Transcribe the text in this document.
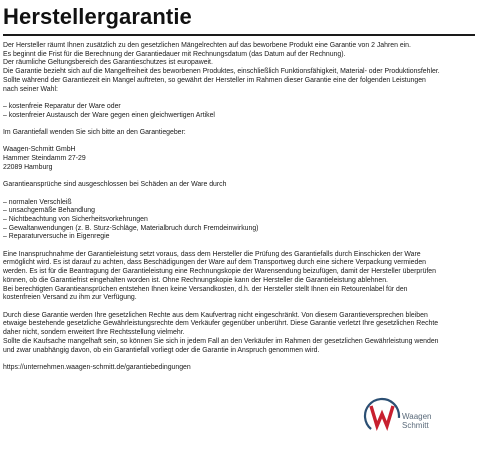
Herstellergarantie

Der Hersteller räumt Ihnen zusätzlich zu den gesetzlichen Mängelrechten auf das beworbene Produkt eine Garantie von 2 Jahren ein.

Es beginnt die Frist für die Berechnung der Garantiedauer mit Rechnungsdatum (das Datum auf der Rechnung).

Der räumliche Geltungsbereich des Garantieschutzes ist europaweit.

Die Garantie bezieht sich auf die Mangelfreiheit des beworbenen Produktes, einschließlich Funktionsfähigkeit, Material- oder Produktionsfehler.

Sollte während der Garantiezeit ein Mangel auftreten, so gewährt der Hersteller im Rahmen dieser Garantie eine der folgenden Leistungen

nach seiner Wahl:

– kostenfreie Reparatur der Ware oder

– kostenfreier Austausch der Ware gegen einen gleichwertigen Artikel

Im Garantiefall wenden Sie sich bitte an den Garantiegeber:

Waagen-Schmitt GmbH

Hammer Steindamm 27-29

22089 Hamburg

Garantieansprüche sind ausgeschlossen bei Schäden an der Ware durch

– normalen Verschleiß

– unsachgemäße Behandlung

– Nichtbeachtung von Sicherheitsvorkehrungen

– Gewaltanwendungen (z. B. Sturz-Schläge, Materialbruch durch Fremdeinwirkung)

– Reparaturversuche in Eigenregie

Eine Inanspruchnahme der Garantieleistung setzt voraus, dass dem Hersteller die Prüfung des Garantiefalls durch Einschicken der Ware

ermöglicht wird. Es ist darauf zu achten, dass Beschädigungen der Ware auf dem Transportweg durch eine sichere Verpackung vermieden

werden. Es ist für die Beantragung der Garantieleistung eine Rechnungskopie der Warensendung beizufügen, damit der Hersteller überprüfen

können, ob die Garantiefrist eingehalten worden ist. Ohne Rechnungskopie kann der Hersteller die Garantieleistung ablehnen.

Bei berechtigten Garantieansprüchen entstehen Ihnen keine Versandkosten, d.h. der Hersteller stellt Ihnen ein Retourenlabel für den

kostenfreien Versand zu ihm zur Verfügung.

Durch diese Garantie werden Ihre gesetzlichen Rechte aus dem Kaufvertrag nicht eingeschränkt. Von diesem Garantieversprechen bleiben

etwaige bestehende gesetzliche Gewährleistungsrechte dem Verkäufer gegenüber unberührt. Diese Garantie verletzt Ihre gesetzlichen Rechte

daher nicht, sondern erweitert Ihre Rechtsstellung vielmehr.

Sollte die Kaufsache mangelhaft sein, so können Sie sich in jedem Fall an den Verkäufer im Rahmen der gesetzlichen Gewährleistung wenden

und zwar unabhängig davon, ob ein Garantiefall vorliegt oder die Garantie in Anspruch genommen wird.

https://unternehmen.waagen-schmitt.de/garantiebedingungen

Waagen
Schmitt
